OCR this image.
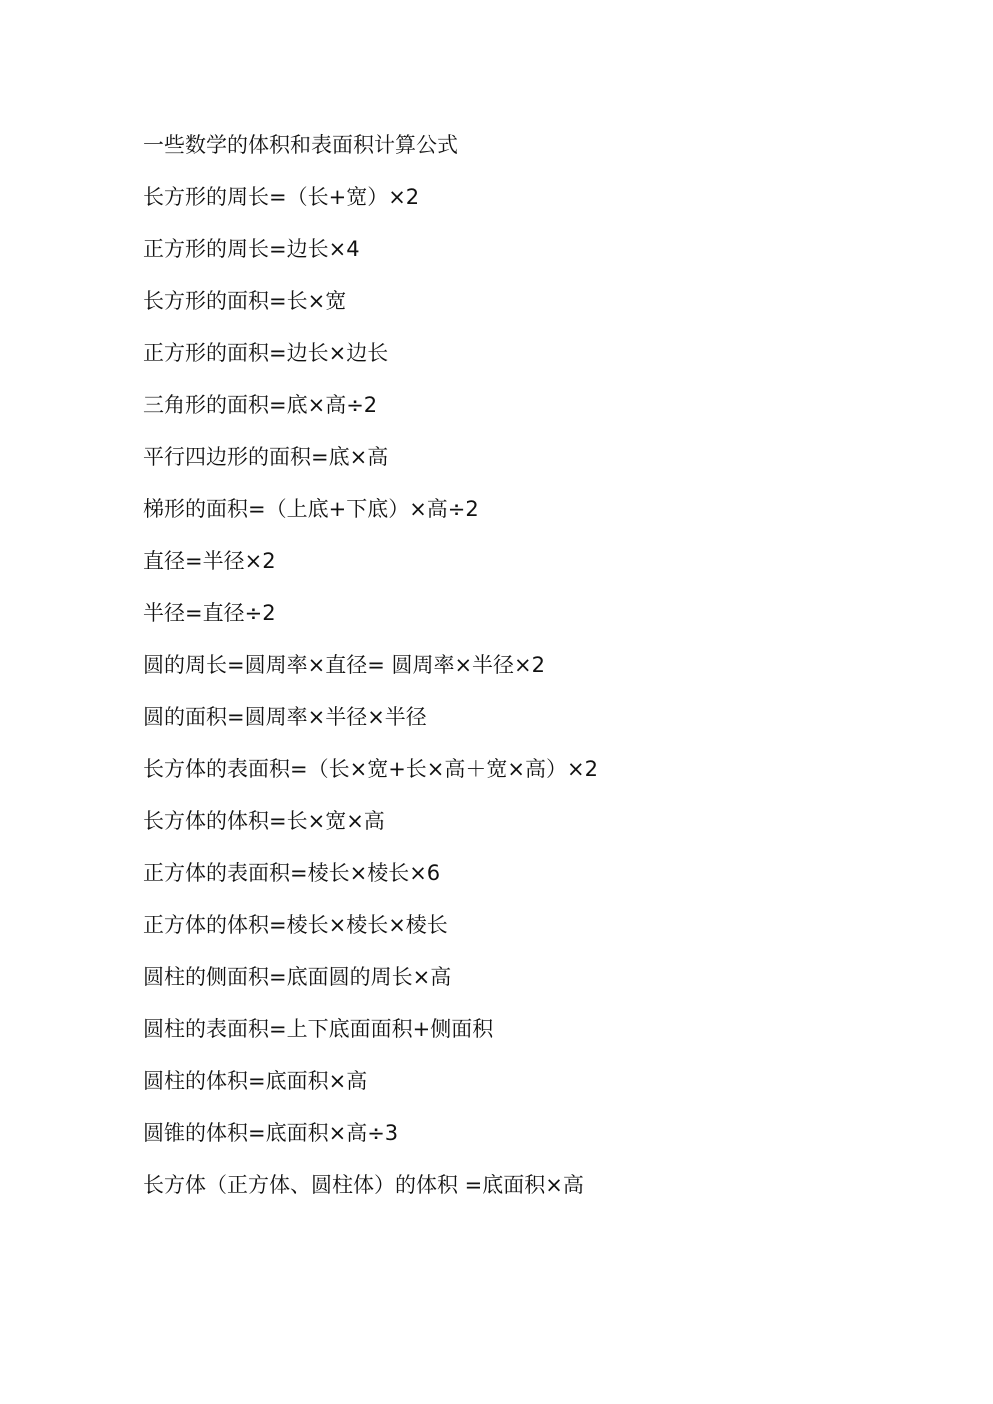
一些数学的体积和表面积计算公式
长方形的周长=（长+宽）×2
正方形的周长=边长×4
长方形的面积=长×宽
正方形的面积=边长×边长
三角形的面积=底×高÷2
平行四边形的面积=底×高
梯形的面积=（上底+下底）×高÷2
直径=半径×2
半径=直径÷2
圆的周长=圆周率×直径= 圆周率×半径×2
圆的面积=圆周率×半径×半径
长方体的表面积=（长×宽+长×高＋宽×高）×2
长方体的体积=长×宽×高
正方体的表面积=棱长×棱长×6
正方体的体积=棱长×棱长×棱长
圆柱的侧面积=底面圆的周长×高
圆柱的表面积=上下底面面积+侧面积
圆柱的体积=底面积×高
圆锥的体积=底面积×高÷3
长方体（正方体、圆柱体）的体积 =底面积×高
